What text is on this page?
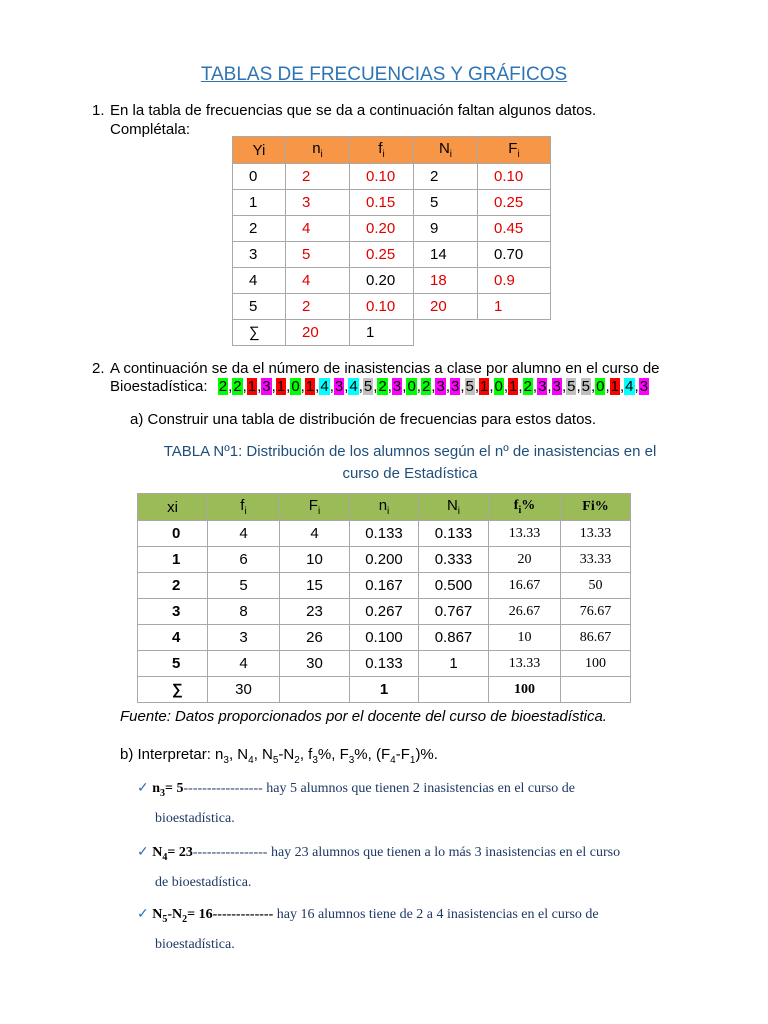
TABLAS DE FRECUENCIAS Y GRÁFICOS
1. En la tabla de frecuencias que se da a continuación faltan algunos datos.
Complétala:
Yi	$n_i$	$f_i$	$N_i$	$F_i$
0	2	0.10	2	0.10
1	3	0.15	5	0.25
2	4	0.20	9	0.45
3	5	0.25	14	0.70
4	4	0.20	18	0.9
5	2	0.10	20	1
∑	20	1		
2. A continuación se da el número de inasistencias a clase por alumno en el curso de
Bioestadística: 2,2,1,3,1,0,1,4,3,4,5,2,3,0,2,3,3,5,1,0,1,2,3,3,5,5,0,1,4,3
a) Construir una tabla de distribución de frecuencias para estos datos.
TABLA Nº1: Distribución de los alumnos según el nº de inasistencias en el
curso de Estadística
xi	$f_i$	$F_i$	$n_i$	$N_i$	$f_i\%$	Fi%
0	4	4	0.133	0.133	13.33	13.33
1	6	10	0.200	0.333	20	33.33
2	5	15	0.167	0.500	16.67	50
3	8	23	0.267	0.767	26.67	76.67
4	3	26	0.100	0.867	10	86.67
5	4	30	0.133	1	13.33	100
∑	30		1		100	
Fuente: Datos proporcionados por el docente del curso de bioestadística.
b) Interpretar: $n_3$, $N_4$, $N_5-N_2$, $f_3\%$, $F_3\%$, $(F_4-F_1)\%$.
✓ $n_3= 5-----------------$ hay 5 alumnos que tienen 2 inasistencias en el curso de
bioestadística.
✓ $N_4= 23----------------$ hay 23 alumnos que tienen a lo más 3 inasistencias en el curso
de bioestadística.
✓ $N_5-N_2= 16-------------$ hay 16 alumnos tiene de 2 a 4 inasistencias en el curso de
bioestadística.
